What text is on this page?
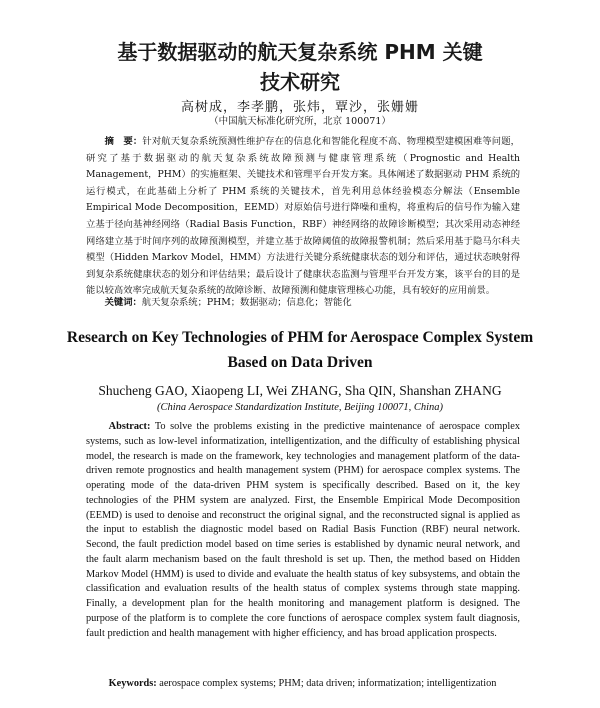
基于数据驱动的航天复杂系统 PHM 关键
技术研究
高树成，李孝鹏，张炜，覃沙，张姗姗
（中国航天标准化研究所，北京 100071）
摘　要：针对航天复杂系统预测性维护存在的信息化和智能化程度不高、物理模型建模困难等问题，研究了基于数据驱动的航天复杂系统故障预测与健康管理系统（Prognostic and Health Management，PHM）的实施框架、关键技术和管理平台开发方案。具体阐述了数据驱动 PHM 系统的运行模式，在此基础上分析了 PHM 系统的关键技术，首先利用总体经验模态分解法（Ensemble Empirical Mode Decomposition，EEMD）对原始信号进行降噪和重构，将重构后的信号作为输入建立基于径向基神经网络（Radial Basis Function，RBF）神经网络的故障诊断模型；其次采用动态神经网络建立基于时间序列的故障预测模型，并建立基于故障阈值的故障报警机制；然后采用基于隐马尔科夫模型（Hidden Markov Model，HMM）方法进行关键分系统健康状态的划分和评估，通过状态映射得到复杂系统健康状态的划分和评估结果；最后设计了健康状态监测与管理平台开发方案，该平台的目的是能以较高效率完成航天复杂系统的故障诊断、故障预测和健康管理核心功能，具有较好的应用前景。
关键词：航天复杂系统；PHM；数据驱动；信息化；智能化
Research on Key Technologies of PHM for Aerospace Complex System
Based on Data Driven
Shucheng GAO, Xiaopeng LI, Wei ZHANG, Sha QIN, Shanshan ZHANG
(China Aerospace Standardization Institute, Beijing 100071, China)
Abstract: To solve the problems existing in the predictive maintenance of aerospace complex systems, such as low-level informatization, intelligentization, and the difficulty of establishing physical model, the research is made on the framework, key technologies and management platform of the data-driven remote prognostics and health management system (PHM) for aerospace complex systems. The operating mode of the data-driven PHM system is specifically described. Based on it, the key technologies of the PHM system are analyzed. First, the Ensemble Empirical Mode Decomposition (EEMD) is used to denoise and reconstruct the original signal, and the reconstructed signal is applied as the input to establish the diagnostic model based on Radial Basis Function (RBF) neural network. Second, the fault prediction model based on time series is established by dynamic neural network, and the fault alarm mechanism based on the fault threshold is set up. Then, the method based on Hidden Markov Model (HMM) is used to divide and evaluate the health status of key subsystems, and obtain the classification and evaluation results of the health status of complex systems through state mapping. Finally, a development plan for the health monitoring and management platform is designed. The purpose of the platform is to complete the core functions of aerospace complex system fault diagnosis, fault prediction and health management with higher efficiency, and has broad application prospects.
Keywords: aerospace complex systems; PHM; data driven; informatization; intelligentization
